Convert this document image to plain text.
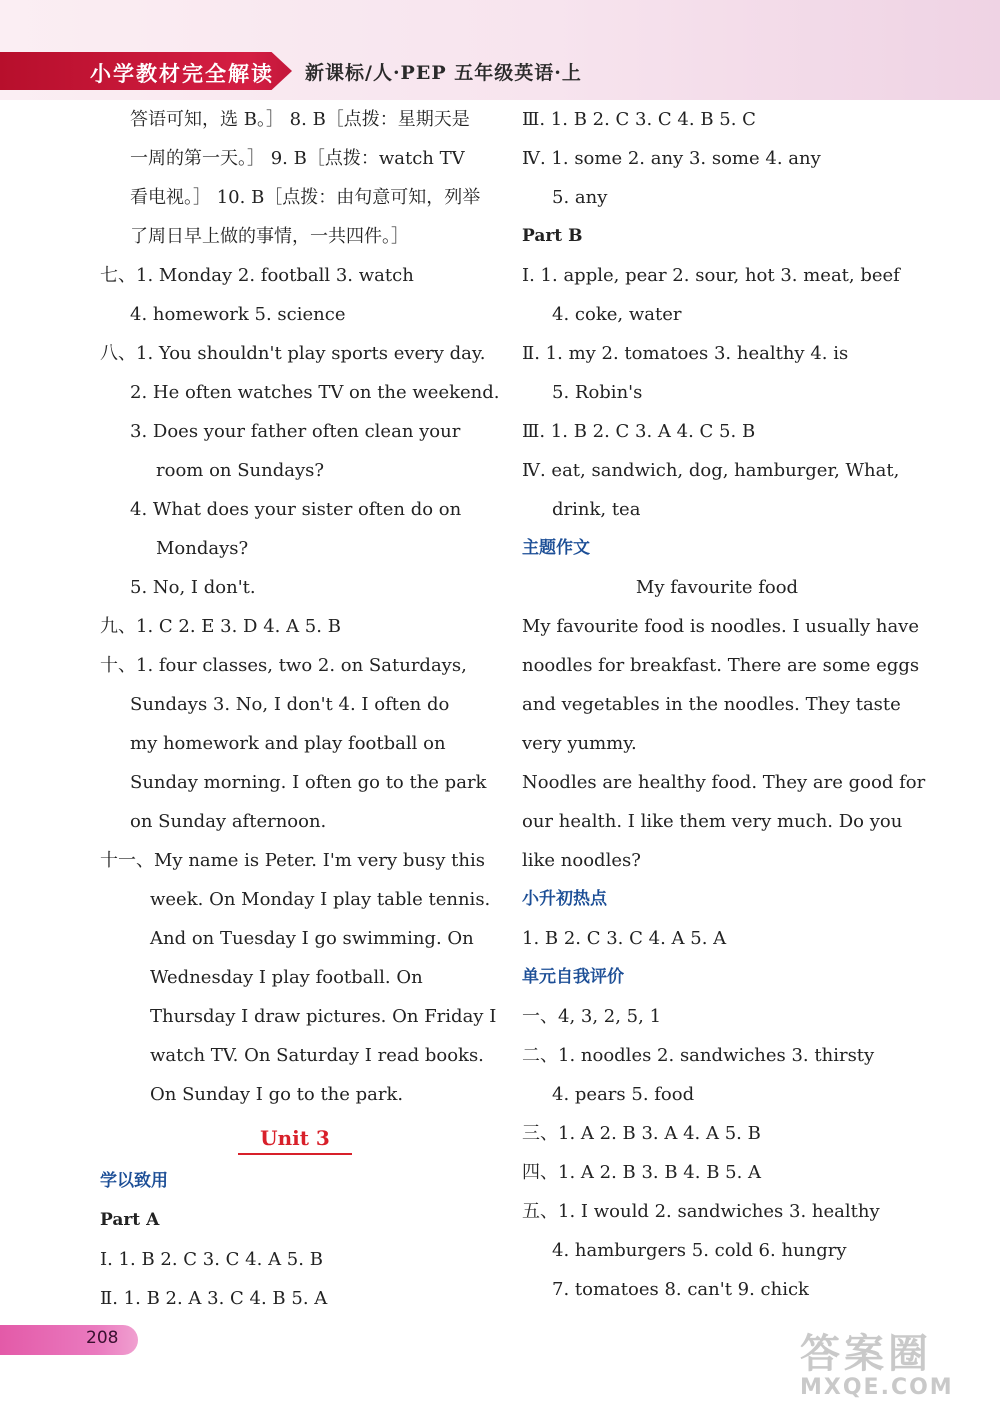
小学教材完全解读 新课标/人·PEP 五年级英语·上
答语可知，选 B。］ 8. B［点拨：星期天是
一周的第一天。］ 9. B［点拨：watch TV
看电视。］ 10. B［点拨：由句意可知，列举
了周日早上做的事情，一共四件。］
七、1. Monday 2. football 3. watch
4. homework 5. science
八、1. You shouldn't play sports every day.
2. He often watches TV on the weekend.
3. Does your father often clean your
room on Sundays?
4. What does your sister often do on
Mondays?
5. No, I don't.
九、1. C 2. E 3. D 4. A 5. B
十、1. four classes, two 2. on Saturdays,
Sundays 3. No, I don't 4. I often do
my homework and play football on
Sunday morning. I often go to the park
on Sunday afternoon.
十一、My name is Peter. I'm very busy this
week. On Monday I play table tennis.
And on Tuesday I go swimming. On
Wednesday I play football. On
Thursday I draw pictures. On Friday I
watch TV. On Saturday I read books.
On Sunday I go to the park.
Unit 3
学以致用
Part A
Ⅰ. 1. B 2. C 3. C 4. A 5. B
Ⅱ. 1. B 2. A 3. C 4. B 5. A
Ⅲ. 1. B 2. C 3. C 4. B 5. C
Ⅳ. 1. some 2. any 3. some 4. any
5. any
Part B
Ⅰ. 1. apple, pear 2. sour, hot 3. meat, beef
4. coke, water
Ⅱ. 1. my 2. tomatoes 3. healthy 4. is
5. Robin's
Ⅲ. 1. B 2. C 3. A 4. C 5. B
Ⅳ. eat, sandwich, dog, hamburger, What,
drink, tea
主题作文
My favourite food
My favourite food is noodles. I usually have
noodles for breakfast. There are some eggs
and vegetables in the noodles. They taste
very yummy.
Noodles are healthy food. They are good for
our health. I like them very much. Do you
like noodles?
小升初热点
1. B 2. C 3. C 4. A 5. A
单元自我评价
一、4, 3, 2, 5, 1
二、1. noodles 2. sandwiches 3. thirsty
4. pears 5. food
三、1. A 2. B 3. A 4. A 5. B
四、1. A 2. B 3. B 4. B 5. A
五、1. I would 2. sandwiches 3. healthy
4. hamburgers 5. cold 6. hungry
7. tomatoes 8. can't 9. chick
208	答案圈
MXQE.COM
